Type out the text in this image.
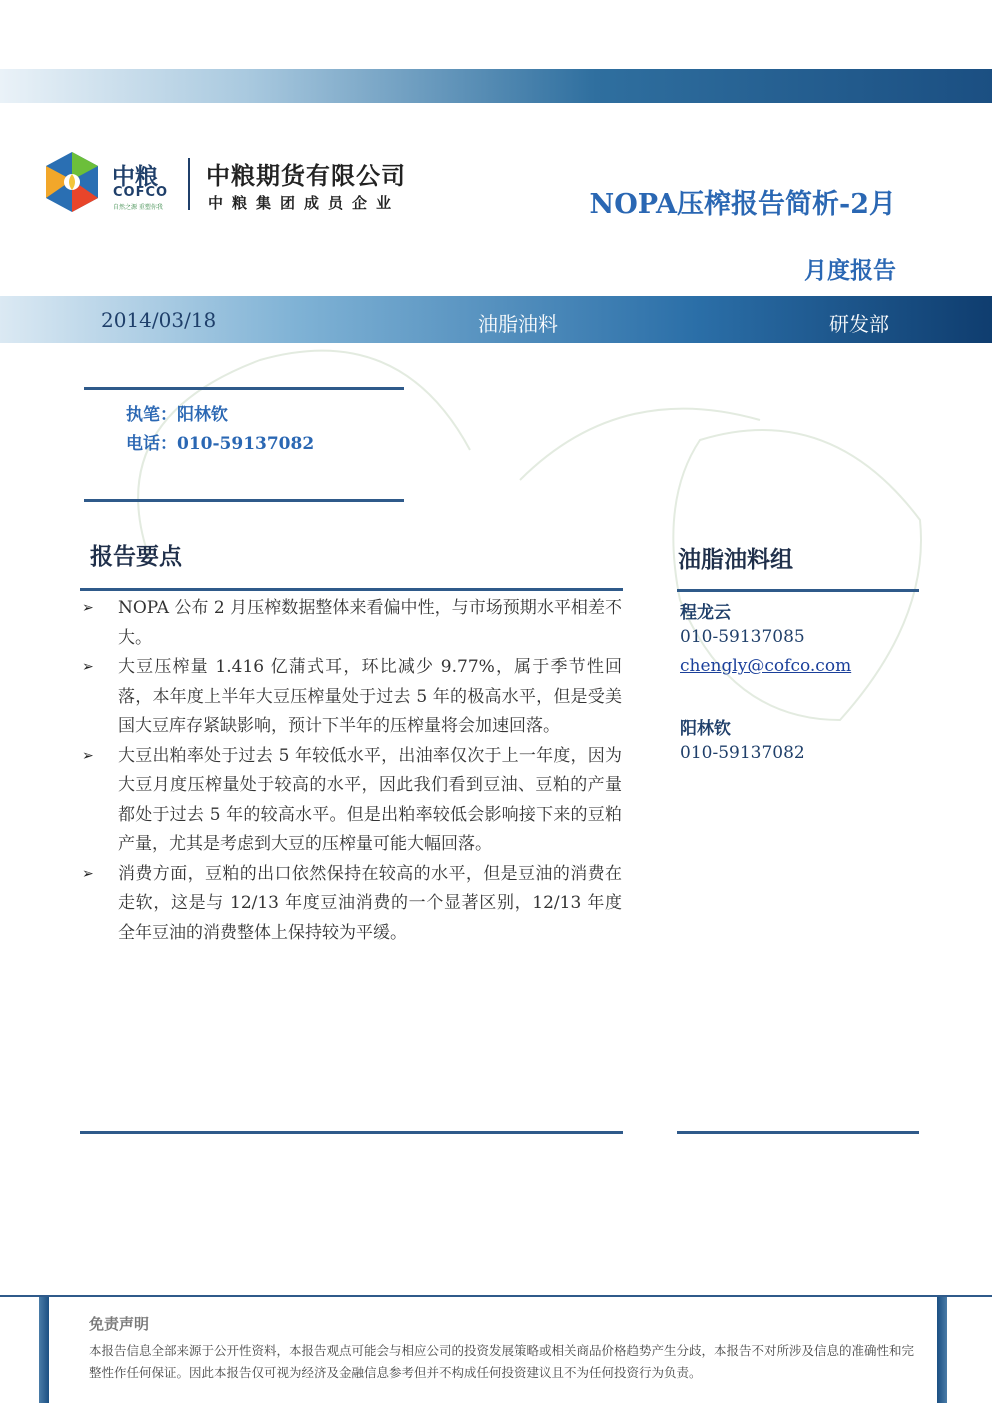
中粮
COFCO
自然之源 重塑你我
中粮期货有限公司
中粮集团成员企业	NOPA压榨报告简析-2月
月度报告
2014/03/18	油脂油料	研发部
执笔：阳林钦
电话：010-59137082
报告要点
➢ NOPA 公布 2 月压榨数据整体来看偏中性，与市场预期水平相差不大。
➢ 大豆压榨量 1.416 亿蒲式耳，环比减少 9.77%，属于季节性回落，本年度上半年大豆压榨量处于过去 5 年的极高水平，但是受美国大豆库存紧缺影响，预计下半年的压榨量将会加速回落。
➢ 大豆出粕率处于过去 5 年较低水平，出油率仅次于上一年度，因为大豆月度压榨量处于较高的水平，因此我们看到豆油、豆粕的产量都处于过去 5 年的较高水平。但是出粕率较低会影响接下来的豆粕产量，尤其是考虑到大豆的压榨量可能大幅回落。
➢ 消费方面，豆粕的出口依然保持在较高的水平，但是豆油的消费在走软，这是与 12/13 年度豆油消费的一个显著区别，12/13 年度全年豆油的消费整体上保持较为平缓。
油脂油料组
程龙云
010-59137085
chengly@cofco.com
阳林钦
010-59137082
免责声明
本报告信息全部来源于公开性资料，本报告观点可能会与相应公司的投资发展策略或相关商品价格趋势产生分歧，本报告不对所涉及信息的准确性和完整性作任何保证。因此本报告仅可视为经济及金融信息参考但并不构成任何投资建议且不为任何投资行为负责。
